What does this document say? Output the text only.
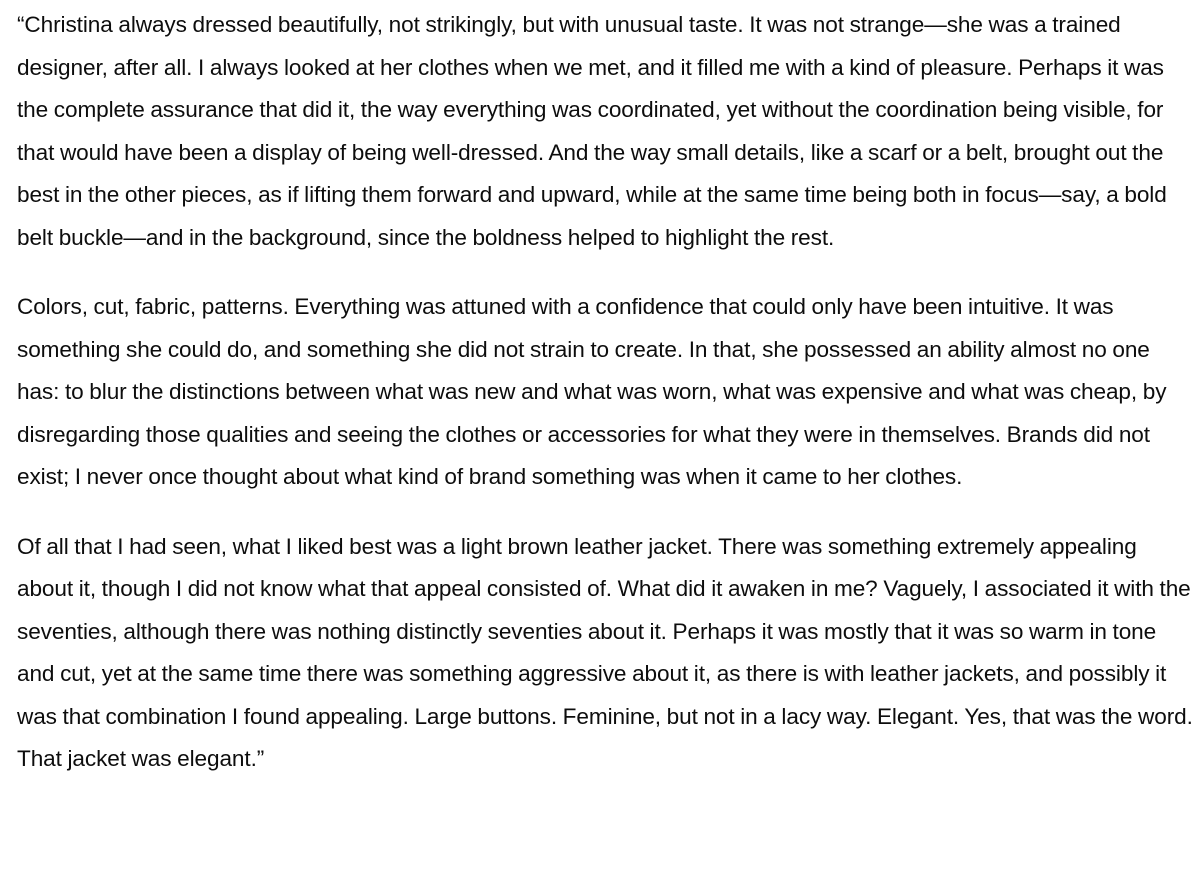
“Christina always dressed beautifully, not strikingly, but with unusual taste. It was not strange—she was a trained designer, after all. I always looked at her clothes when we met, and it filled me with a kind of pleasure. Perhaps it was the complete assurance that did it, the way everything was coordinated, yet without the coordination being visible, for that would have been a display of being well-dressed. And the way small details, like a scarf or a belt, brought out the best in the other pieces, as if lifting them forward and upward, while at the same time being both in focus—say, a bold belt buckle—and in the background, since the boldness helped to highlight the rest.

Colors, cut, fabric, patterns. Everything was attuned with a confidence that could only have been intuitive. It was something she could do, and something she did not strain to create. In that, she possessed an ability almost no one has: to blur the distinctions between what was new and what was worn, what was expensive and what was cheap, by disregarding those qualities and seeing the clothes or accessories for what they were in themselves. Brands did not exist; I never once thought about what kind of brand something was when it came to her clothes.

Of all that I had seen, what I liked best was a light brown leather jacket. There was something extremely appealing about it, though I did not know what that appeal consisted of. What did it awaken in me? Vaguely, I associated it with the seventies, although there was nothing distinctly seventies about it. Perhaps it was mostly that it was so warm in tone and cut, yet at the same time there was something aggressive about it, as there is with leather jackets, and possibly it was that combination I found appealing. Large buttons. Feminine, but not in a lacy way. Elegant. Yes, that was the word. That jacket was elegant.”
